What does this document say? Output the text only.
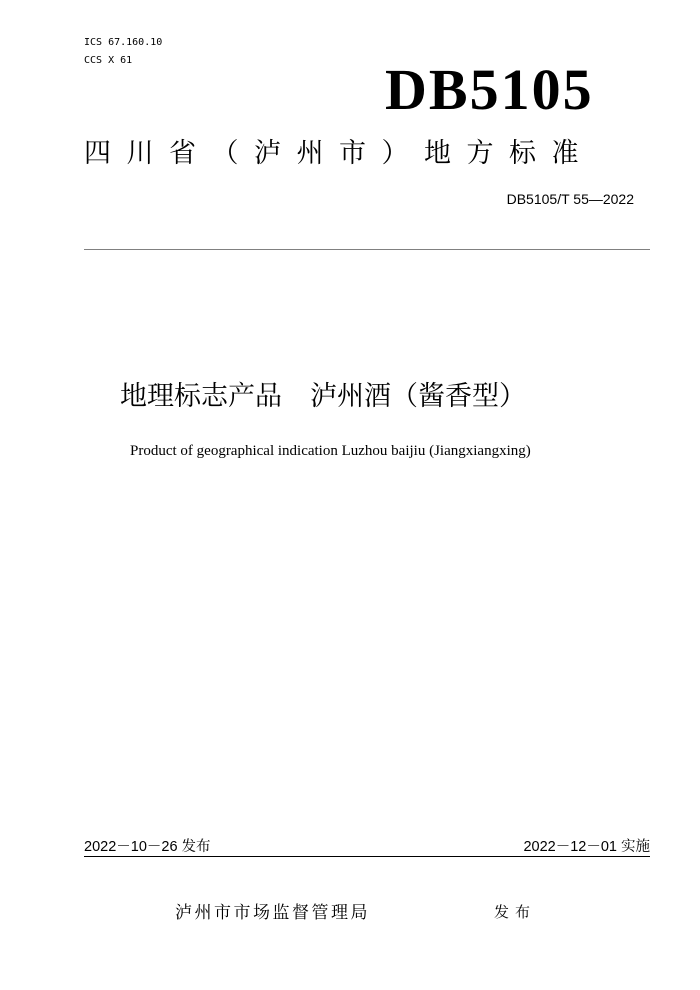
ICS 67.160.10
CCS X 61	DB5105
四川省（泸州市）地方标准
DB5105/T 55—2022
地理标志产品 泸州酒（酱香型）
Product of geographical indication Luzhou baijiu (Jiangxiangxing)
2022－10－26 发布	2022－12－01 实施
泸州市市场监督管理局	发布
